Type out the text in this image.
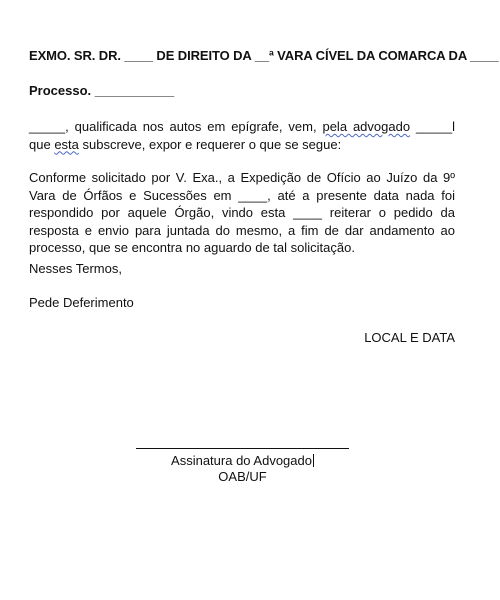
EXMO. SR. DR. ____ DE DIREITO DA __ª VARA CÍVEL DA COMARCA DA ____
Processo. ___________
_____, qualificada nos autos em epígrafe, vem, pela advogado _____l que esta subscreve, expor e requerer o que se segue:
Conforme solicitado por V. Exa., a Expedição de Ofício ao Juízo da 9º Vara de Órfãos e Sucessões em ____, até a presente data nada foi respondido por aquele Órgão, vindo esta ____ reiterar o pedido da resposta e envio para juntada do mesmo, a fim de dar andamento ao processo, que se encontra no aguardo de tal solicitação.
Nesses Termos,
Pede Deferimento
LOCAL E DATA
Assinatura do Advogado
OAB/UF
